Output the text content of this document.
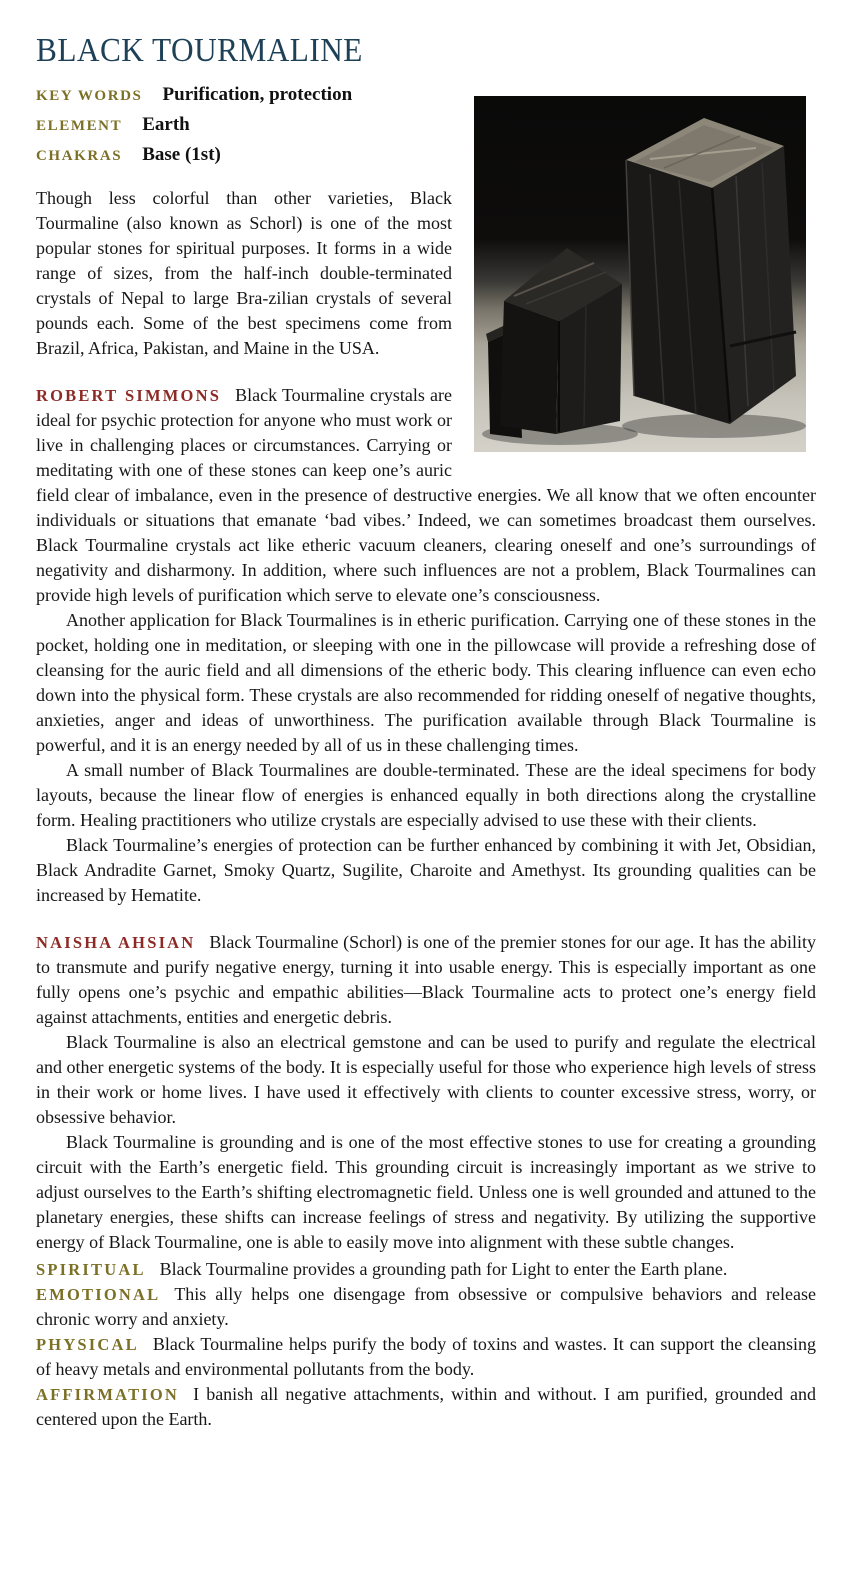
BLACK TOURMALINE
KEY WORDS Purification, protection
ELEMENT Earth
CHAKRAS Base (1st)

Though less colorful than other varieties, Black Tourmaline (also known as Schorl) is one of the most popular stones for spiritual purposes. It forms in a wide range of sizes, from the half-inch double-terminated crystals of Nepal to large Bra-zilian crystals of several pounds each. Some of the best specimens come from Brazil, Africa, Pakistan, and Maine in the USA.

ROBERT SIMMONS Black Tourmaline crystals are ideal for psychic protection for anyone who must work or live in challenging places or circumstances. Carrying or meditating with one of these stones can keep one’s auric field clear of imbalance, even in the presence of destructive energies. We all know that we often encounter individuals or situations that emanate ‘bad vibes.’ Indeed, we can sometimes broadcast them ourselves. Black Tourmaline crystals act like etheric vacuum cleaners, clearing oneself and one’s surroundings of negativity and disharmony. In addition, where such influences are not a problem, Black Tourmalines can provide high levels of purification which serve to elevate one’s consciousness.

Another application for Black Tourmalines is in etheric purification. Carrying one of these stones in the pocket, holding one in meditation, or sleeping with one in the pillowcase will provide a refreshing dose of cleansing for the auric field and all dimensions of the etheric body. This clearing influence can even echo down into the physical form. These crystals are also recommended for ridding oneself of negative thoughts, anxieties, anger and ideas of unworthiness. The purification available through Black Tourmaline is powerful, and it is an energy needed by all of us in these challenging times.

A small number of Black Tourmalines are double-terminated. These are the ideal specimens for body layouts, because the linear flow of energies is enhanced equally in both directions along the crystalline form. Healing practitioners who utilize crystals are especially advised to use these with their clients.

Black Tourmaline’s energies of protection can be further enhanced by combining it with Jet, Obsidian, Black Andradite Garnet, Smoky Quartz, Sugilite, Charoite and Amethyst. Its grounding qualities can be increased by Hematite.

NAISHA AHSIAN Black Tourmaline (Schorl) is one of the premier stones for our age. It has the ability to transmute and purify negative energy, turning it into usable energy. This is especially important as one fully opens one’s psychic and empathic abilities—Black Tourmaline acts to protect one’s energy field against attachments, entities and energetic debris.

Black Tourmaline is also an electrical gemstone and can be used to purify and regulate the electrical and other energetic systems of the body. It is especially useful for those who experience high levels of stress in their work or home lives. I have used it effectively with clients to counter excessive stress, worry, or obsessive behavior.

Black Tourmaline is grounding and is one of the most effective stones to use for creating a grounding circuit with the Earth’s energetic field. This grounding circuit is increasingly important as we strive to adjust ourselves to the Earth’s shifting electromagnetic field. Unless one is well grounded and attuned to the planetary energies, these shifts can increase feelings of stress and negativity. By utilizing the supportive energy of Black Tourmaline, one is able to easily move into alignment with these subtle changes.

SPIRITUAL Black Tourmaline provides a grounding path for Light to enter the Earth plane.

EMOTIONAL This ally helps one disengage from obsessive or compulsive behaviors and release chronic worry and anxiety.

PHYSICAL Black Tourmaline helps purify the body of toxins and wastes. It can support the cleansing of heavy metals and environmental pollutants from the body.

AFFIRMATION I banish all negative attachments, within and without. I am purified, grounded and centered upon the Earth.
